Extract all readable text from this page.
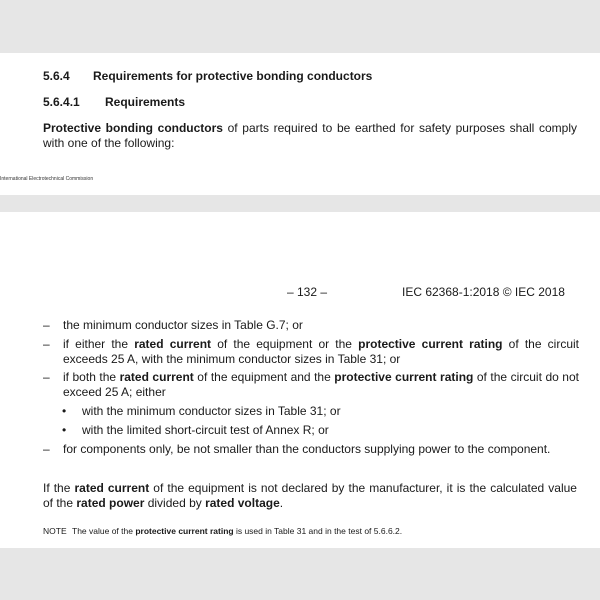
5.6.4 Requirements for protective bonding conductors

5.6.4.1 Requirements

Protective bonding conductors of parts required to be earthed for safety purposes shall comply with one of the following:

International Electrotechnical Commission

– 132 –	IEC 62368-1:2018 © IEC 2018

– the minimum conductor sizes in Table G.7; or
– if either the rated current of the equipment or the protective current rating of the circuit exceeds 25 A, with the minimum conductor sizes in Table 31; or
– if both the rated current of the equipment and the protective current rating of the circuit do not exceed 25 A; either
• with the minimum conductor sizes in Table 31; or
• with the limited short-circuit test of Annex R; or
– for components only, be not smaller than the conductors supplying power to the component.

If the rated current of the equipment is not declared by the manufacturer, it is the calculated value of the rated power divided by rated voltage.

NOTE The value of the protective current rating is used in Table 31 and in the test of 5.6.6.2.
